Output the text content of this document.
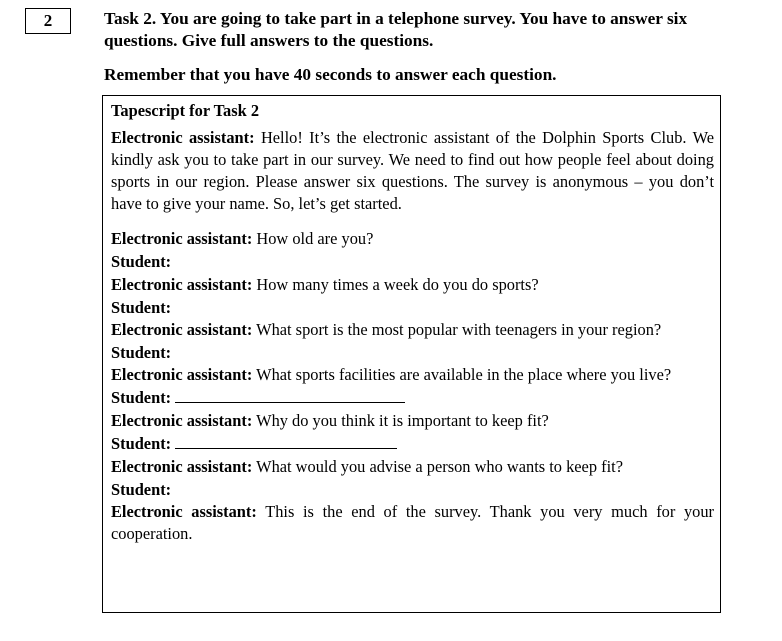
2	Task 2. You are going to take part in a telephone survey. You have to answer six questions. Give full answers to the questions.
Remember that you have 40 seconds to answer each question.
Tapescript for Task 2
Electronic assistant: Hello! It’s the electronic assistant of the Dolphin Sports Club. We kindly ask you to take part in our survey. We need to find out how people feel about doing sports in our region. Please answer six questions. The survey is anonymous – you don’t have to give your name. So, let’s get started.
Electronic assistant: How old are you?
Student:
Electronic assistant: How many times a week do you do sports?
Student:
Electronic assistant: What sport is the most popular with teenagers in your region?
Student:
Electronic assistant: What sports facilities are available in the place where you live?
Student:
Electronic assistant: Why do you think it is important to keep fit?
Student:
Electronic assistant: What would you advise a person who wants to keep fit?
Student:
Electronic assistant: This is the end of the survey. Thank you very much for your cooperation.
